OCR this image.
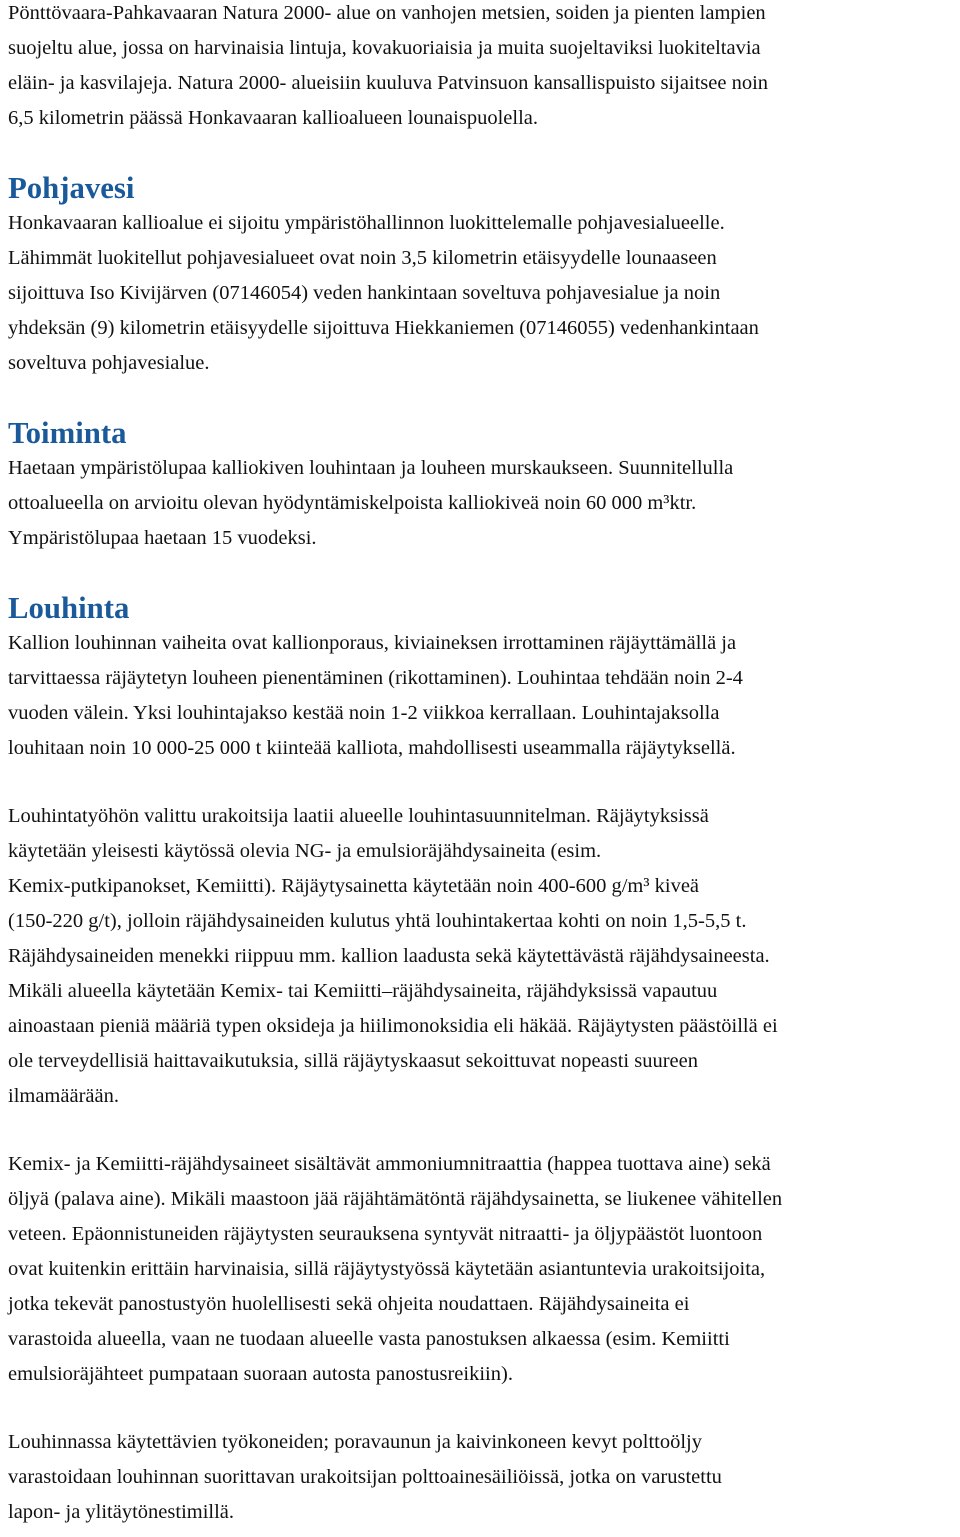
Pönttövaara-Pahkavaaran Natura 2000- alue on vanhojen metsien, soiden ja pienten lampien
suojeltu alue, jossa on harvinaisia lintuja, kovakuoriaisia ja muita suojeltaviksi luokiteltavia
eläin- ja kasvilajeja. Natura 2000- alueisiin kuuluva Patvinsuon kansallispuisto sijaitsee noin
6,5 kilometrin päässä Honkavaaran kallioalueen lounaispuolella.

Pohjavesi

Honkavaaran kallioalue ei sijoitu ympäristöhallinnon luokittelemalle pohjavesialueelle.
Lähimmät luokitellut pohjavesialueet ovat noin 3,5 kilometrin etäisyydelle lounaaseen
sijoittuva Iso Kivijärven (07146054) veden hankintaan soveltuva pohjavesialue ja noin
yhdeksän (9) kilometrin etäisyydelle sijoittuva Hiekkaniemen (07146055) vedenhankintaan
soveltuva pohjavesialue.

Toiminta

Haetaan ympäristölupaa kalliokiven louhintaan ja louheen murskaukseen. Suunnitellulla
ottoalueella on arvioitu olevan hyödyntämiskelpoista kalliokiveä noin 60 000 m³ktr.
Ympäristölupaa haetaan 15 vuodeksi.

Louhinta

Kallion louhinnan vaiheita ovat kallionporaus, kiviaineksen irrottaminen räjäyttämällä ja
tarvittaessa räjäytetyn louheen pienentäminen (rikottaminen). Louhintaa tehdään noin 2-4
vuoden välein. Yksi louhintajakso kestää noin 1-2 viikkoa kerrallaan. Louhintajaksolla
louhitaan noin 10 000-25 000 t kiinteää kalliota, mahdollisesti useammalla räjäytyksellä.

Louhintatyöhön valittu urakoitsija laatii alueelle louhintasuunnitelman. Räjäytyksissä
käytetään yleisesti käytössä olevia NG- ja emulsioräjähdysaineita (esim.
Kemix-putkipanokset, Kemiitti). Räjäytysainetta käytetään noin 400-600 g/m³ kiveä
(150-220 g/t), jolloin räjähdysaineiden kulutus yhtä louhintakertaa kohti on noin 1,5-5,5 t.
Räjähdysaineiden menekki riippuu mm. kallion laadusta sekä käytettävästä räjähdysaineesta.
Mikäli alueella käytetään Kemix- tai Kemiitti–räjähdysaineita, räjähdyksissä vapautuu
ainoastaan pieniä määriä typen oksideja ja hiilimonoksidia eli häkää. Räjäytysten päästöillä ei
ole terveydellisiä haittavaikutuksia, sillä räjäytyskaasut sekoittuvat nopeasti suureen
ilmamäärään.

Kemix- ja Kemiitti-räjähdysaineet sisältävät ammoniumnitraattia (happea tuottava aine) sekä
öljyä (palava aine). Mikäli maastoon jää räjähtämätöntä räjähdysainetta, se liukenee vähitellen
veteen. Epäonnistuneiden räjäytysten seurauksena syntyvät nitraatti- ja öljypäästöt luontoon
ovat kuitenkin erittäin harvinaisia, sillä räjäytystyössä käytetään asiantuntevia urakoitsijoita,
jotka tekevät panostustyön huolellisesti sekä ohjeita noudattaen. Räjähdysaineita ei
varastoida alueella, vaan ne tuodaan alueelle vasta panostuksen alkaessa (esim. Kemiitti
emulsioräjähteet pumpataan suoraan autosta panostusreikiin).

Louhinnassa käytettävien työkoneiden; poravaunun ja kaivinkoneen kevyt polttoöljy
varastoidaan louhinnan suorittavan urakoitsijan polttoainesäiliöissä, jotka on varustettu
lapon- ja ylitäytönestimillä.
